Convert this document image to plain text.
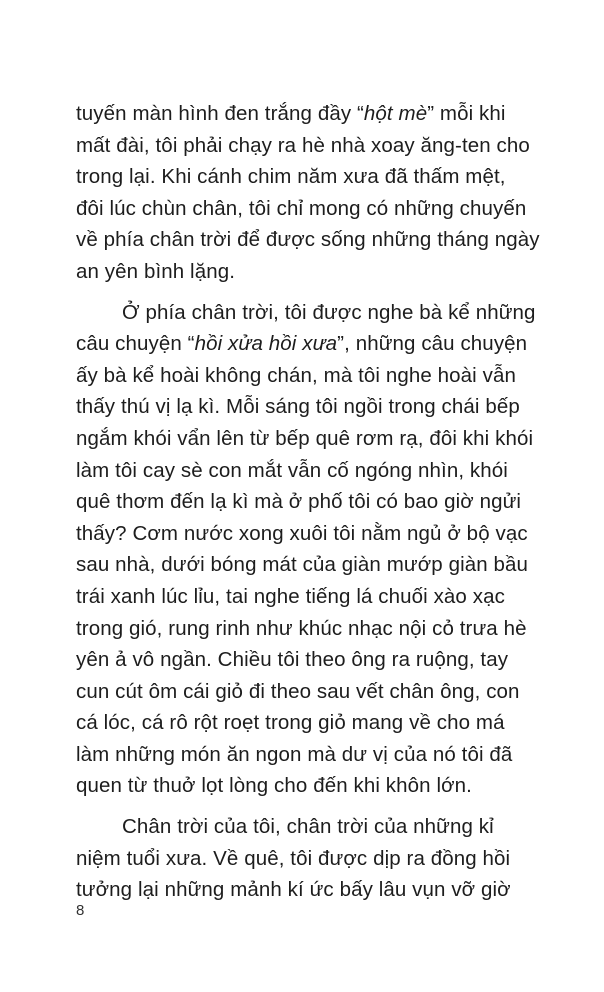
tuyến màn hình đen trắng đầy “hột mè” mỗi khi
mất đài, tôi phải chạy ra hè nhà xoay ăng-ten cho
trong lại. Khi cánh chim năm xưa đã thấm mệt,
đôi lúc chùn chân, tôi chỉ mong có những chuyến
về phía chân trời để được sống những tháng ngày
an yên bình lặng.
Ở phía chân trời, tôi được nghe bà kể những
câu chuyện “hồi xửa hồi xưa”, những câu chuyện
ấy bà kể hoài không chán, mà tôi nghe hoài vẫn
thấy thú vị lạ kì. Mỗi sáng tôi ngồi trong chái bếp
ngắm khói vẩn lên từ bếp quê rơm rạ, đôi khi khói
làm tôi cay sè con mắt vẫn cố ngóng nhìn, khói
quê thơm đến lạ kì mà ở phố tôi có bao giờ ngửi
thấy? Cơm nước xong xuôi tôi nằm ngủ ở bộ vạc
sau nhà, dưới bóng mát của giàn mướp giàn bầu
trái xanh lúc lỉu, tai nghe tiếng lá chuối xào xạc
trong gió, rung rinh như khúc nhạc nội cỏ trưa hè
yên ả vô ngần. Chiều tôi theo ông ra ruộng, tay
cun cút ôm cái giỏ đi theo sau vết chân ông, con
cá lóc, cá rô rột roẹt trong giỏ mang về cho má
làm những món ăn ngon mà dư vị của nó tôi đã
quen từ thuở lọt lòng cho đến khi khôn lớn.
Chân trời của tôi, chân trời của những kỉ
niệm tuổi xưa. Về quê, tôi được dịp ra đồng hồi
tưởng lại những mảnh kí ức bấy lâu vụn vỡ giờ
8
